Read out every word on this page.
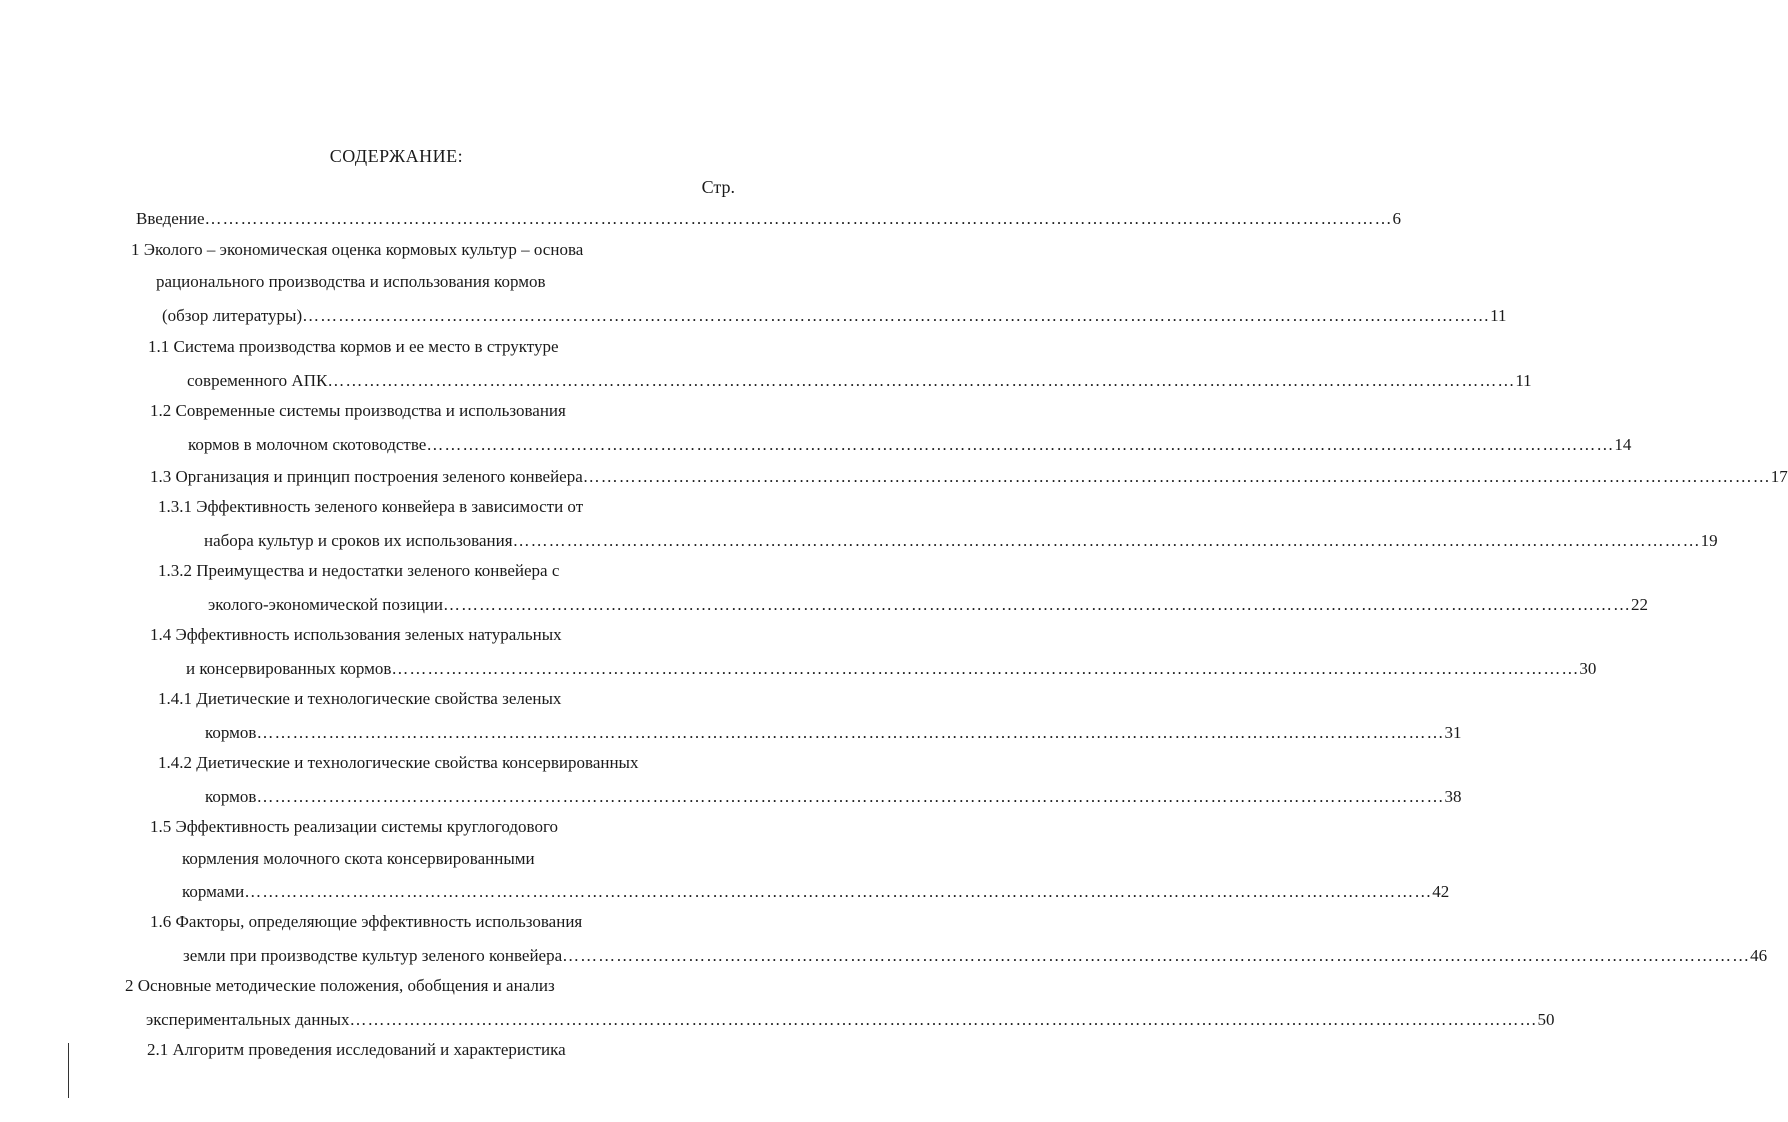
СОДЕРЖАНИЕ:
Стр.
Введение ……………………………………………………………………………………………………………………………………………………………………………… 6
1 Эколого – экономическая оценка кормовых культур – основа
рационального производства и использования кормов
(обзор литературы) ……………………………………………………………………………………………………………………………………………………………………………… 11
1.1 Система производства кормов и ее место в структуре
современного АПК ……………………………………………………………………………………………………………………………………………………………………………… 11
1.2 Современные системы производства и использования
кормов в молочном скотоводстве ……………………………………………………………………………………………………………………………………………………………………………… 14
1.3 Организация и принцип построения зеленого конвейера ……………………………………………………………………………………………………………………………………………………………………………… 17
1.3.1 Эффективность зеленого конвейера в зависимости от
набора культур и сроков их использования ……………………………………………………………………………………………………………………………………………………………………………… 19
1.3.2 Преимущества и недостатки зеленого конвейера с
эколого-экономической позиции ……………………………………………………………………………………………………………………………………………………………………………… 22
1.4 Эффективность использования зеленых натуральных
и консервированных кормов ……………………………………………………………………………………………………………………………………………………………………………… 30
1.4.1 Диетические и технологические свойства зеленых
кормов ……………………………………………………………………………………………………………………………………………………………………………… 31
1.4.2 Диетические и технологические свойства консервированных
кормов ……………………………………………………………………………………………………………………………………………………………………………… 38
1.5 Эффективность реализации системы круглогодового
кормления молочного скота консервированными
кормами ……………………………………………………………………………………………………………………………………………………………………………… 42
1.6 Факторы, определяющие эффективность использования
земли при производстве культур зеленого конвейера ……………………………………………………………………………………………………………………………………………………………………………… 46
2 Основные методические положения, обобщения и анализ
экспериментальных данных ……………………………………………………………………………………………………………………………………………………………………………… 50
2.1 Алгоритм проведения исследований и характеристика
